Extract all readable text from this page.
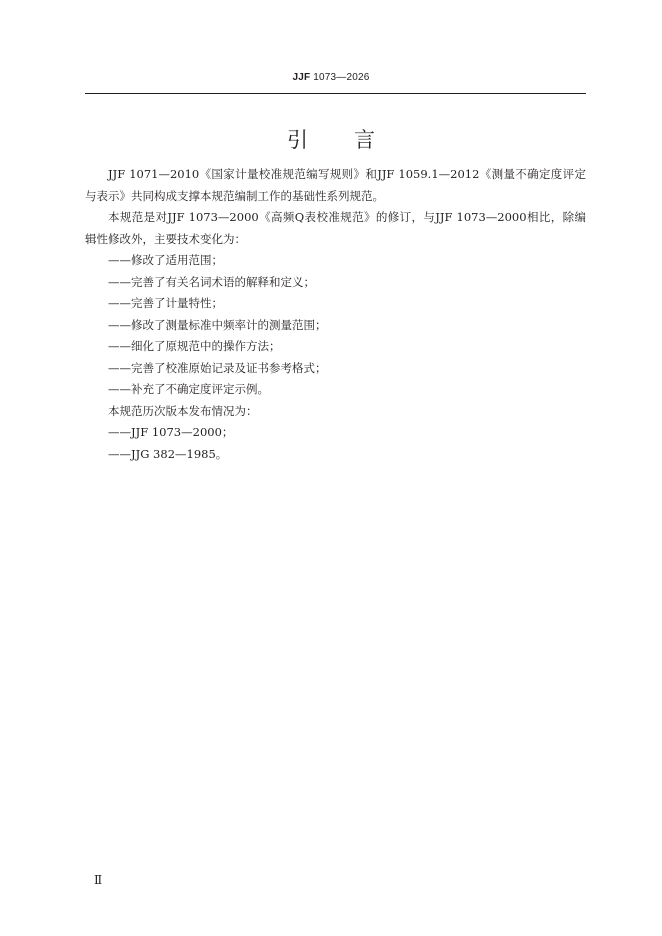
JJF 1073—2026
引言

JJF 1071—2010《国家计量校准规范编写规则》和JJF 1059.1—2012《测量不确定度评定与表示》共同构成支撑本规范编制工作的基础性系列规范。

本规范是对JJF 1073—2000《高频Q表校准规范》的修订，与JJF 1073—2000相比，除编辑性修改外，主要技术变化为：

——修改了适用范围；

——完善了有关名词术语的解释和定义；

——完善了计量特性；

——修改了测量标准中频率计的测量范围；

——细化了原规范中的操作方法；

——完善了校准原始记录及证书参考格式；

——补充了不确定度评定示例。

本规范历次版本发布情况为：

——JJF 1073—2000；

——JJG 382—1985。

Ⅱ
